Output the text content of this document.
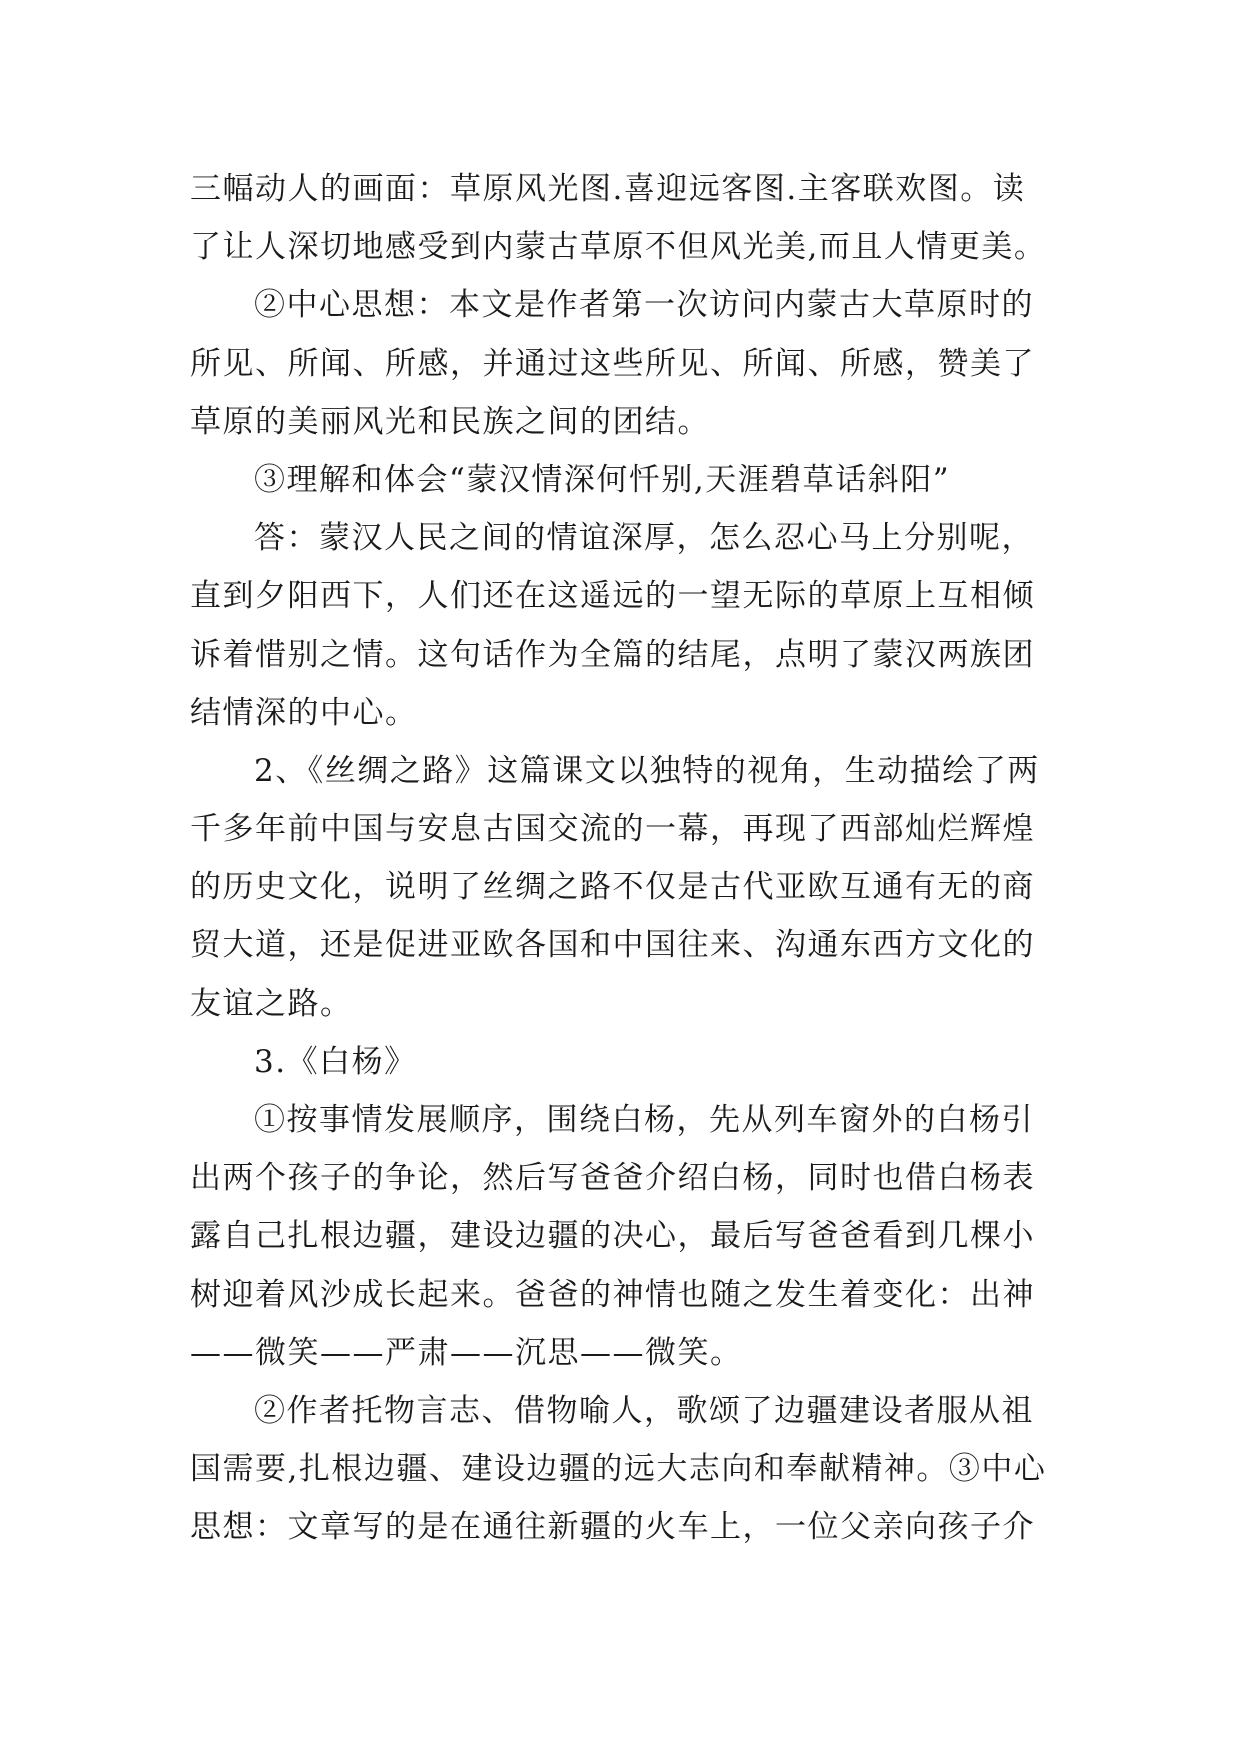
三幅动人的画面：草原风光图.喜迎远客图.主客联欢图。读
了让人深切地感受到内蒙古草原不但风光美,而且人情更美。
②中心思想：本文是作者第一次访问内蒙古大草原时的
所见、所闻、所感，并通过这些所见、所闻、所感，赞美了
草原的美丽风光和民族之间的团结。
③理解和体会“蒙汉情深何忏别,天涯碧草话斜阳”
答：蒙汉人民之间的情谊深厚，怎么忍心马上分别呢，
直到夕阳西下，人们还在这遥远的一望无际的草原上互相倾
诉着惜别之情。这句话作为全篇的结尾，点明了蒙汉两族团
结情深的中心。
2、《丝绸之路》这篇课文以独特的视角，生动描绘了两
千多年前中国与安息古国交流的一幕，再现了西部灿烂辉煌
的历史文化，说明了丝绸之路不仅是古代亚欧互通有无的商
贸大道，还是促进亚欧各国和中国往来、沟通东西方文化的
友谊之路。
3.《白杨》
①按事情发展顺序，围绕白杨，先从列车窗外的白杨引
出两个孩子的争论，然后写爸爸介绍白杨，同时也借白杨表
露自己扎根边疆，建设边疆的决心，最后写爸爸看到几棵小
树迎着风沙成长起来。爸爸的神情也随之发生着变化：出神
——微笑——严肃——沉思——微笑。
②作者托物言志、借物喻人，歌颂了边疆建设者服从祖
国需要,扎根边疆、建设边疆的远大志向和奉献精神。③中心
思想：文章写的是在通往新疆的火车上，一位父亲向孩子介
